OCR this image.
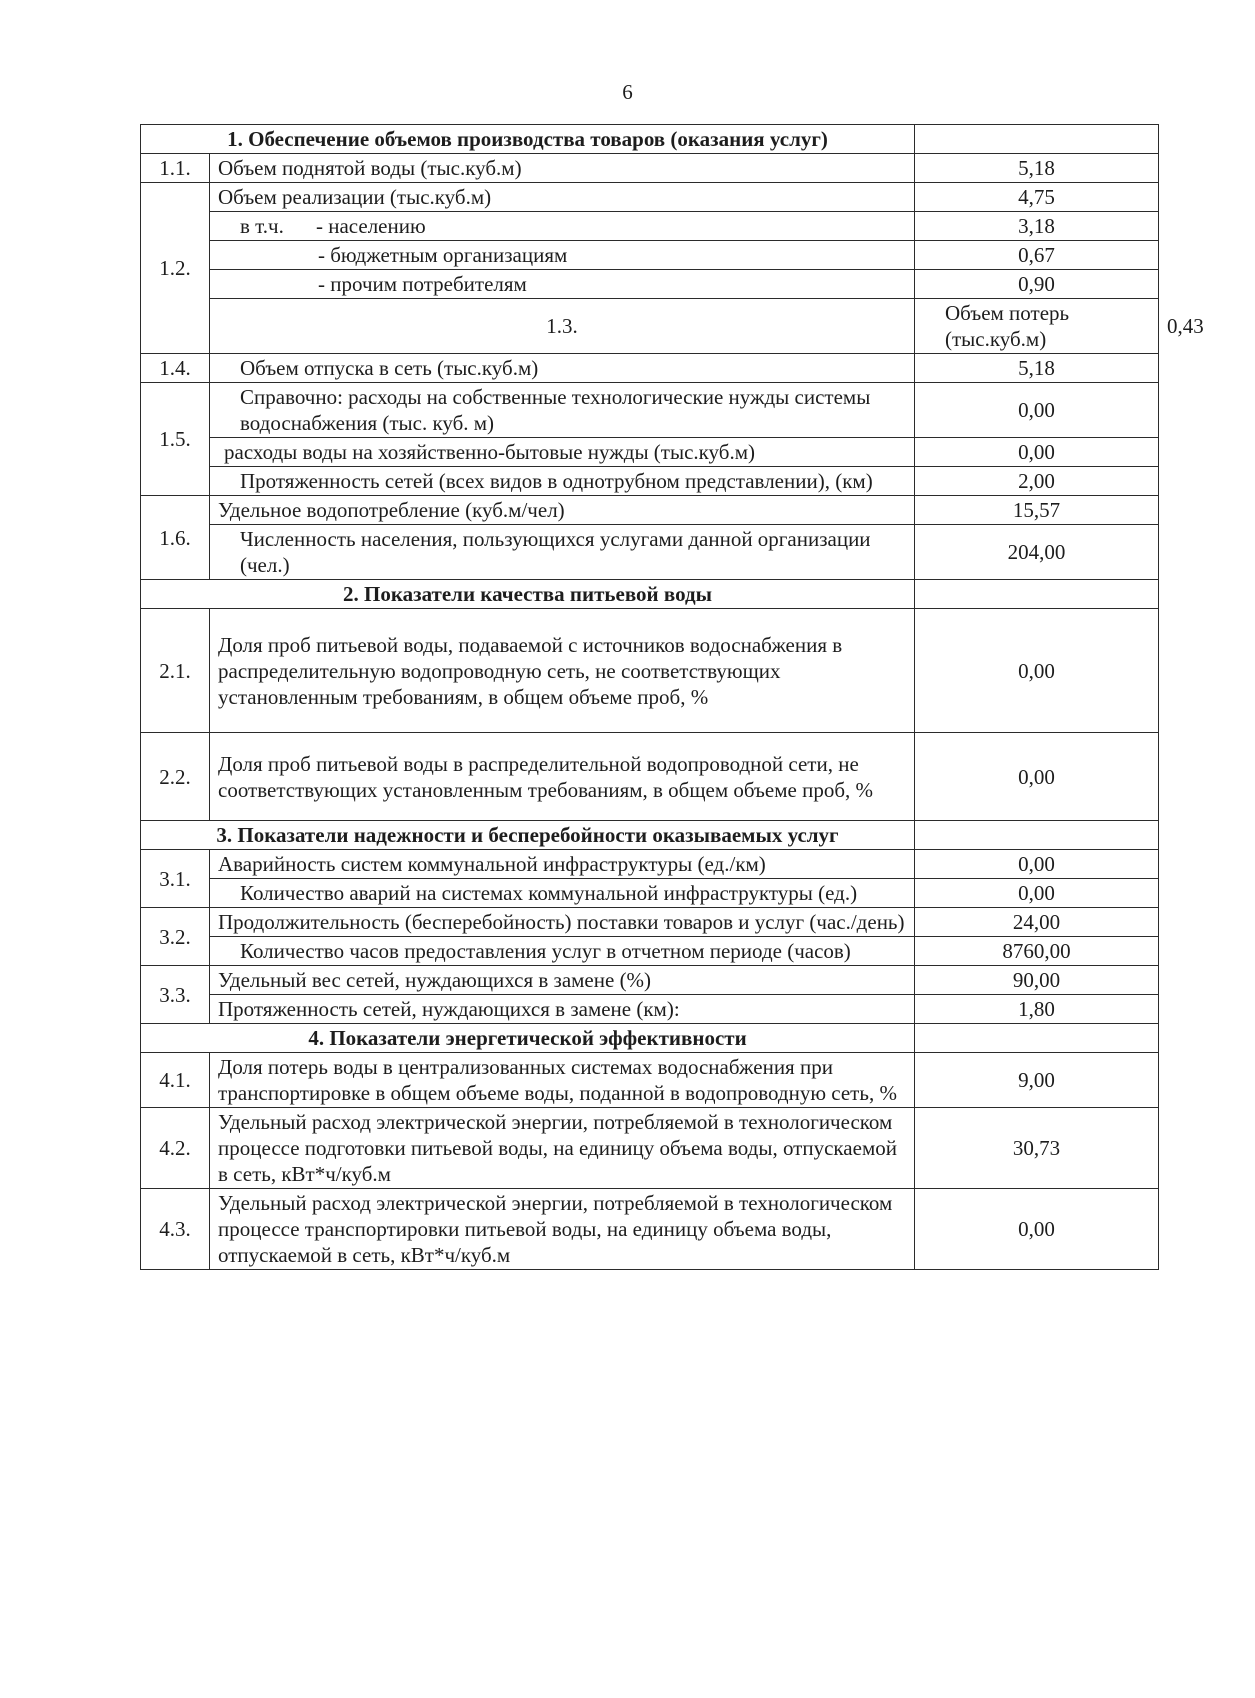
6
1. Обеспечение объемов производства товаров (оказания услуг)			
1.1.	Объем поднятой воды (тыс.куб.м)	5,18	
1.2.	Объем реализации (тыс.куб.м)	4,75	
	в т.ч. - населению	3,18	
	- бюджетным организациям	0,67	
	- прочим потребителям	0,90	
	1.3.	Объем потерь (тыс.куб.м)	0,43
1.4.	Объем отпуска в сеть (тыс.куб.м)	5,18	
1.5.	Справочно: расходы на собственные технологические нужды системы водоснабжения (тыс. куб. м)	0,00	
	расходы воды на хозяйственно-бытовые нужды (тыс.куб.м)	0,00	
	Протяженность сетей (всех видов в однотрубном представлении), (км)	2,00	
1.6.	Удельное водопотребление (куб.м/чел)	15,57	
	Численность населения, пользующихся услугами данной организации (чел.)	204,00	
2. Показатели качества питьевой воды			
2.1.	Доля проб питьевой воды, подаваемой с источников водоснабжения в распределительную водопроводную сеть, не соответствующих установленным требованиям, в общем объеме проб, %	0,00	
2.2.	Доля проб питьевой воды в распределительной водопроводной сети, не соответствующих установленным требованиям, в общем объеме проб, %	0,00	
3. Показатели надежности и бесперебойности оказываемых услуг			
3.1.	Аварийность систем коммунальной инфраструктуры (ед./км)	0,00	
	Количество аварий на системах коммунальной инфраструктуры (ед.)	0,00	
3.2.	Продолжительность (бесперебойность) поставки товаров и услуг (час./день)	24,00	
	Количество часов предоставления услуг в отчетном периоде (часов)	8760,00	
3.3.	Удельный вес сетей, нуждающихся в замене (%)	90,00	
	Протяженность сетей, нуждающихся в замене (км):	1,80	
4. Показатели энергетической эффективности			
4.1.	Доля потерь воды в централизованных системах водоснабжения при транспортировке в общем объеме воды, поданной в водопроводную сеть, %	9,00	
4.2.	Удельный расход электрической энергии, потребляемой в технологическом процессе подготовки питьевой воды, на единицу объема воды, отпускаемой в сеть, кВт*ч/куб.м	30,73	
4.3.	Удельный расход электрической энергии, потребляемой в технологическом процессе транспортировки питьевой воды, на единицу объема воды, отпускаемой в сеть, кВт*ч/куб.м	0,00	
